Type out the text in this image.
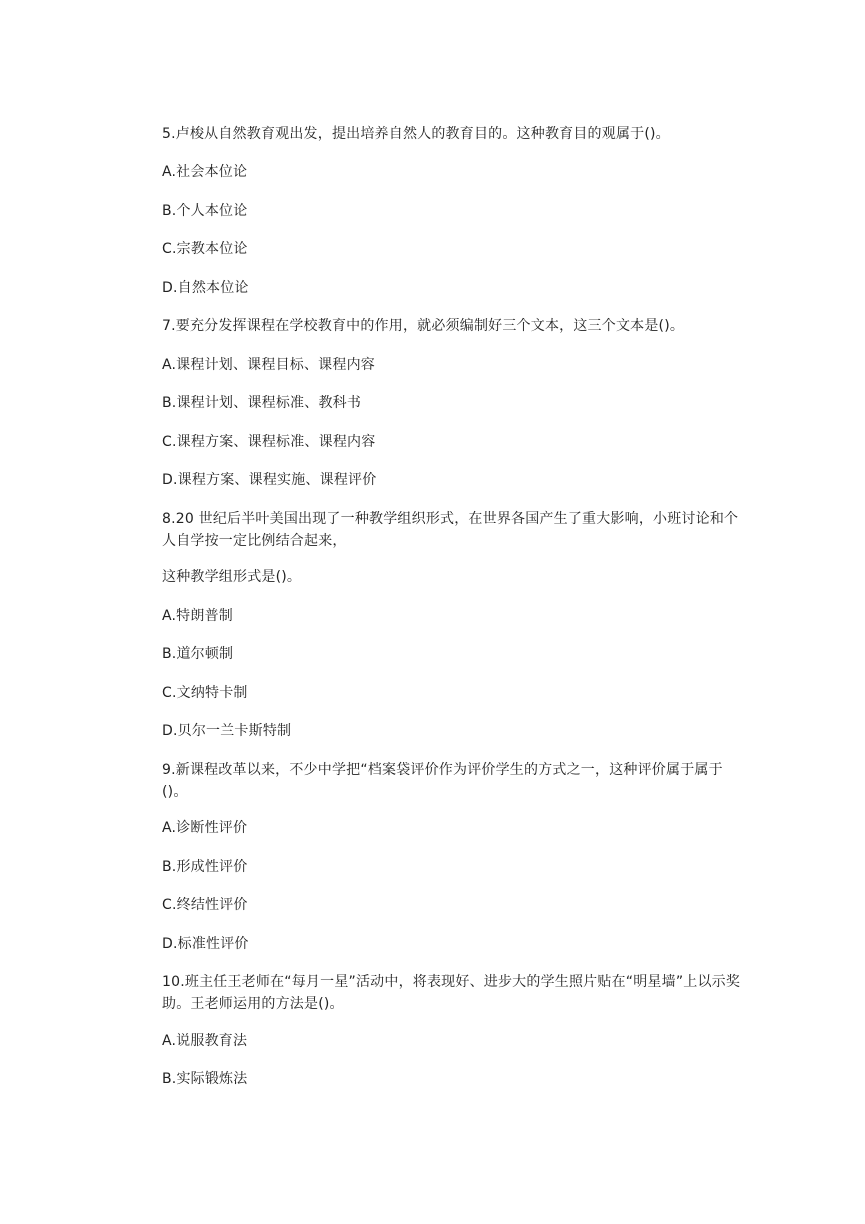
5.卢梭从自然教育观出发，提出培养自然人的教育目的。这种教育目的观属于()。
A.社会本位论
B.个人本位论
C.宗教本位论
D.自然本位论
7.要充分发挥课程在学校教育中的作用，就必须编制好三个文本，这三个文本是()。
A.课程计划、课程目标、课程内容
B.课程计划、课程标准、教科书
C.课程方案、课程标准、课程内容
D.课程方案、课程实施、课程评价
8.20 世纪后半叶美国出现了一种教学组织形式，在世界各国产生了重大影响，小班讨论和个人自学按一定比例结合起来，
这种教学组形式是()。
A.特朗普制
B.道尔顿制
C.文纳特卡制
D.贝尔一兰卡斯特制
9.新课程改革以来，不少中学把“档案袋评价作为评价学生的方式之一，这种评价属于属于()。
A.诊断性评价
B.形成性评价
C.终结性评价
D.标准性评价
10.班主任王老师在“每月一星”活动中，将表现好、进步大的学生照片贴在“明星墙”上以示奖助。王老师运用的方法是()。
A.说服教育法
B.实际锻炼法
